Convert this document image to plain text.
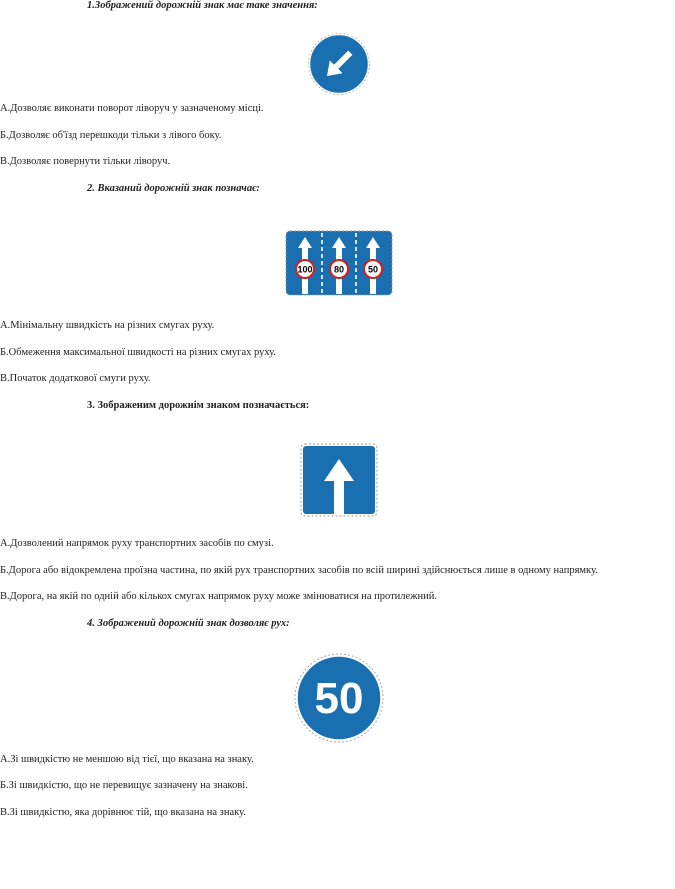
1.Зображений дорожній знак має таке значення:
А.Дозволяє виконати поворот ліворуч у зазначеному місці.
Б.Дозволяє об'їзд перешкоди тільки з лівого боку.
В.Дозволяє повернути тільки ліворуч.
2. Вказаний дорожній знак позначає:
100 80	50
А.Мінімальну швидкість на різних смугах руху.
Б.Обмеження максимальної швидкості на різних смугах руху.
В.Початок додаткової смуги руху.
3. Зображеним дорожнім знаком позначається:
А.Дозволений напрямок руху транспортних засобів по смузі.
Б.Дорога або відокремлена проїзна частина, по якій рух транспортних засобів по всій ширині здійснюється лише в одному напрямку.
В.Дорога, на якій по одній або кількох смугах напрямок руху може змінюватися на протилежний.
4. Зображений дорожній знак дозволяє рух:
50
А.Зі швидкістю не меншою від тієї, що вказана на знаку.
Б.Зі швидкістю, що не перевищує зазначену на знакові.
В.Зі швидкістю, яка дорівнює тій, що вказана на знаку.
